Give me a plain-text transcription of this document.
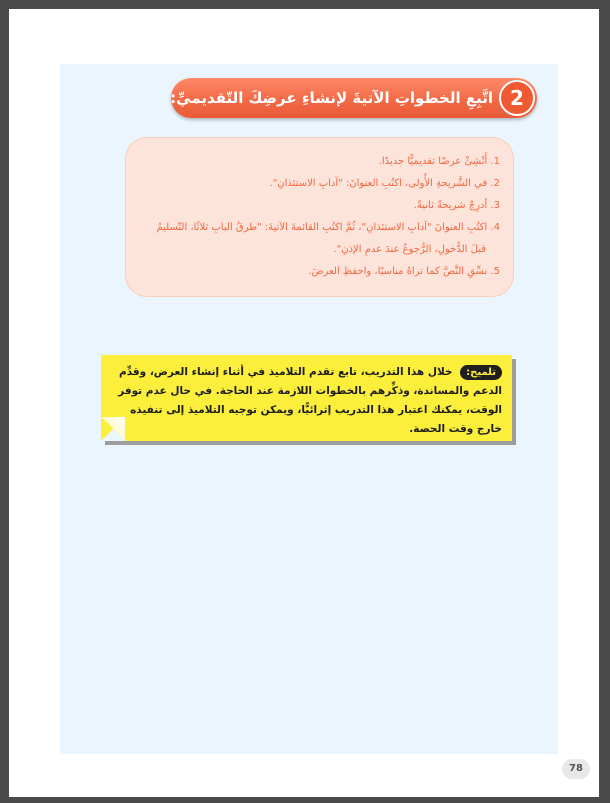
اتَّبِعِ الخطواتِ الآتيةَ لإنشاءِ عرضِكَ التّقديميِّ: 2
1. أَنْشِئْ عرضًا تقديميًّا جديدًا.
2. في الشَّريحةِ الأُولى، اكتُبِ العنوانَ: "آدابِ الاستئذانِ".
3. أدرِجْ شريحةً ثانيةً.
4. اكتُبِ العنوانَ "آدابِ الاستئذانِ"، ثُمَّ اكتُبِ القائمةَ الآتيةَ: "طرقُ البابِ ثلاثًا، التّسليمُ
قبلَ الدُّخولِ، الرُّجوعُ عندَ عدمِ الإذنِ".
5. نسِّقِ النَّصَّ كما تراهُ مناسبًا، واحفظِ العرضَ.
تلميح: خلال هذا التدريب، تابع تقدم التلاميذ في أثناء إنشاء العرض، وقدِّم الدعم والمساندة، وذكِّرهم بالخطوات اللازمة عند الحاجة. في حال عدم توفر الوقت، يمكنك اعتبار هذا التدريب إثرائيًّا، ويمكن توجيه التلاميذ إلى تنفيذه خارج وقت الحصة.
78
